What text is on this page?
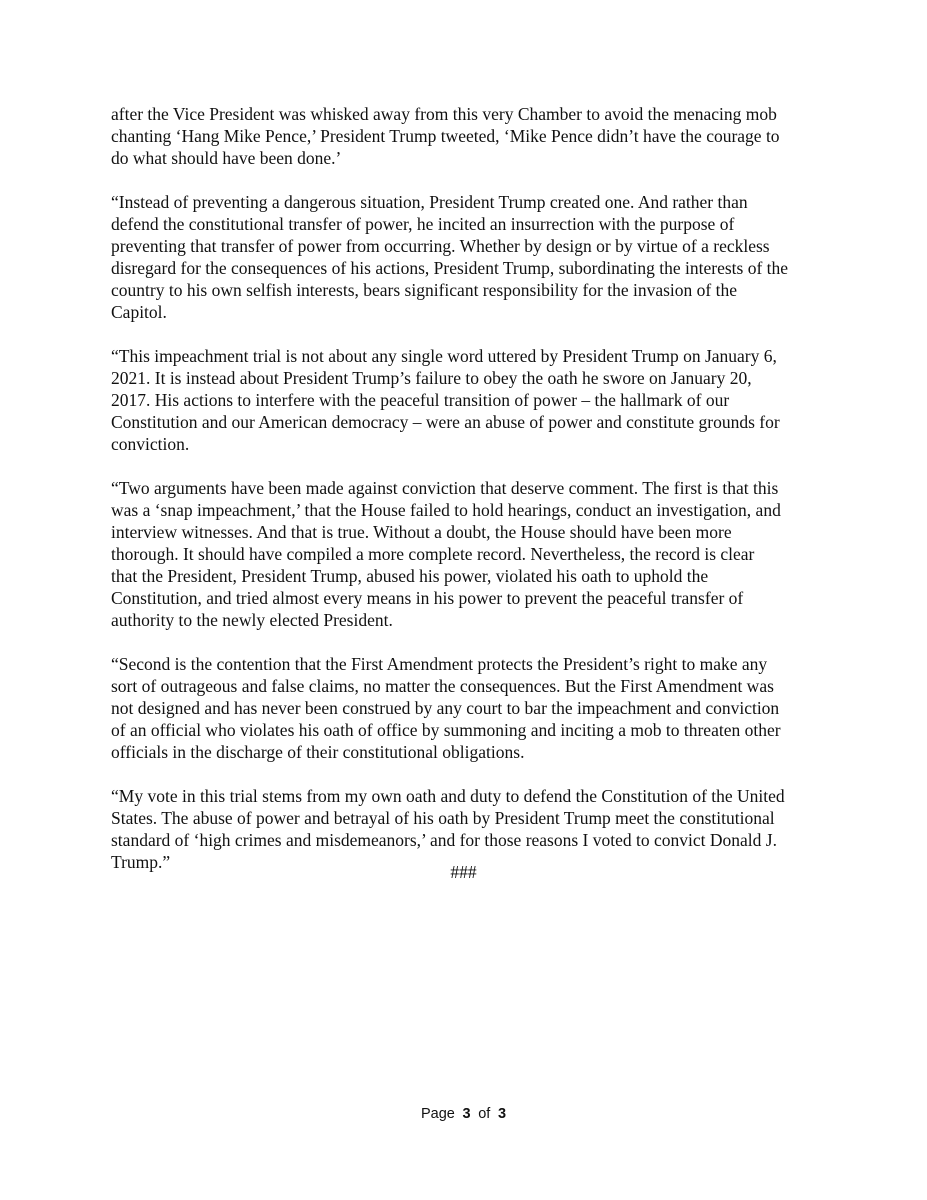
after the Vice President was whisked away from this very Chamber to avoid the menacing mob
chanting ‘Hang Mike Pence,’ President Trump tweeted, ‘Mike Pence didn’t have the courage to
do what should have been done.’

“Instead of preventing a dangerous situation, President Trump created one. And rather than
defend the constitutional transfer of power, he incited an insurrection with the purpose of
preventing that transfer of power from occurring. Whether by design or by virtue of a reckless
disregard for the consequences of his actions, President Trump, subordinating the interests of the
country to his own selfish interests, bears significant responsibility for the invasion of the
Capitol.

“This impeachment trial is not about any single word uttered by President Trump on January 6,
2021. It is instead about President Trump’s failure to obey the oath he swore on January 20,
2017. His actions to interfere with the peaceful transition of power – the hallmark of our
Constitution and our American democracy – were an abuse of power and constitute grounds for
conviction.

“Two arguments have been made against conviction that deserve comment. The first is that this
was a ‘snap impeachment,’ that the House failed to hold hearings, conduct an investigation, and
interview witnesses. And that is true. Without a doubt, the House should have been more
thorough. It should have compiled a more complete record. Nevertheless, the record is clear
that the President, President Trump, abused his power, violated his oath to uphold the
Constitution, and tried almost every means in his power to prevent the peaceful transfer of
authority to the newly elected President.

“Second is the contention that the First Amendment protects the President’s right to make any
sort of outrageous and false claims, no matter the consequences. But the First Amendment was
not designed and has never been construed by any court to bar the impeachment and conviction
of an official who violates his oath of office by summoning and inciting a mob to threaten other
officials in the discharge of their constitutional obligations.

“My vote in this trial stems from my own oath and duty to defend the Constitution of the United
States. The abuse of power and betrayal of his oath by President Trump meet the constitutional
standard of ‘high crimes and misdemeanors,’ and for those reasons I voted to convict Donald J.
Trump.”	###
Page 3 of 3
